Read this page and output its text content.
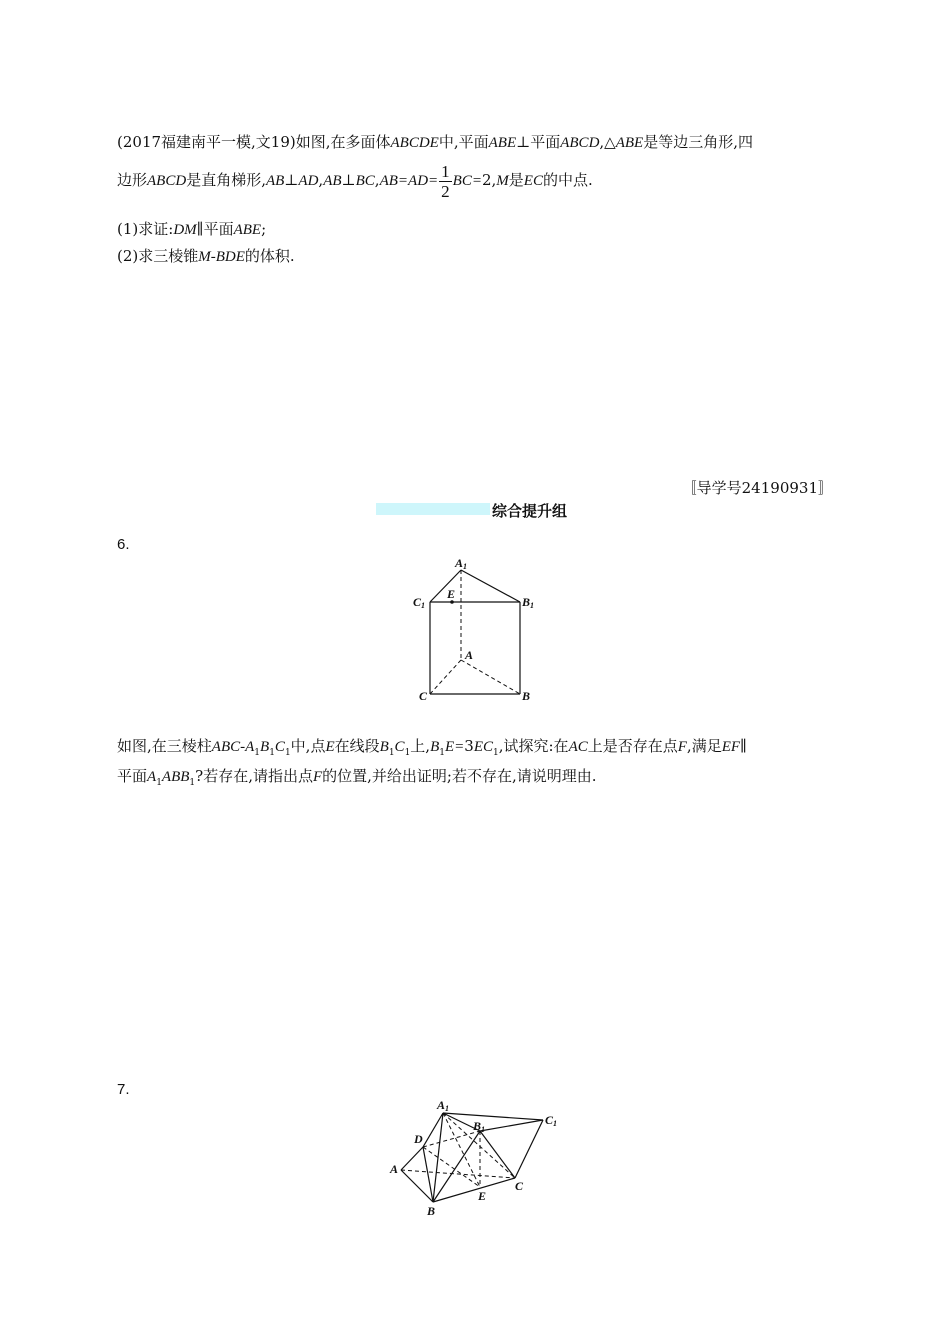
(2017福建南平一模,文19)如图,在多面体ABCDE中,平面ABE⊥平面ABCD,△ABE是等边三角形,四
边形ABCD是直角梯形,AB⊥AD,AB⊥BC,AB=AD= $\frac{1}{2} BC=2,M$是EC的中点.
(1)求证:DM∥平面ABE;
(2)求三棱锥M-BDE的体积.
〚导学号24190931〛
综合提升组
6.
A1
C1	B1
E
A
C	B
如图,在三棱柱ABC-$A_1B_1C_1$中,点E在线段$B_1C_1$上$,B_1E=3EC_1$,试探究:在AC上是否存在点F,满足EF∥
平面$A_1ABB_1$?若存在,请指出点F的位置,并给出证明;若不存在,请说明理由.
7.
A1
B1
C1
D
A
B
E
C
